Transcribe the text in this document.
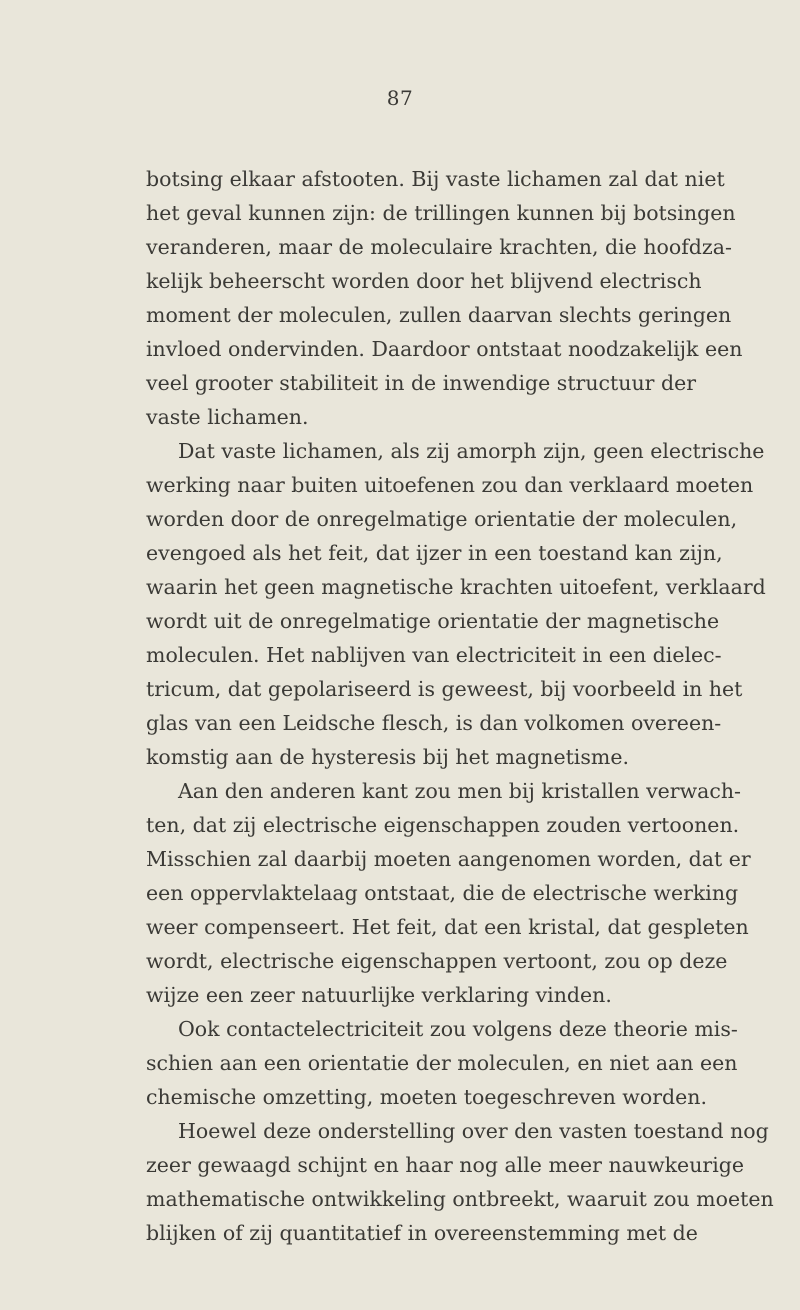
87
botsing elkaar afstooten. Bij vaste lichamen zal dat niet
het geval kunnen zijn: de trillingen kunnen bij botsingen
veranderen, maar de moleculaire krachten, die hoofdza-
kelijk beheerscht worden door het blijvend electrisch
moment der moleculen, zullen daarvan slechts geringen
invloed ondervinden. Daardoor ontstaat noodzakelijk een
veel grooter stabiliteit in de inwendige structuur der
vaste lichamen.
Dat vaste lichamen, als zij amorph zijn, geen electrische
werking naar buiten uitoefenen zou dan verklaard moeten
worden door de onregelmatige orientatie der moleculen,
evengoed als het feit, dat ijzer in een toestand kan zijn,
waarin het geen magnetische krachten uitoefent, verklaard
wordt uit de onregelmatige orientatie der magnetische
moleculen. Het nablijven van electriciteit in een dielec-
tricum, dat gepolariseerd is geweest, bij voorbeeld in het
glas van een Leidsche flesch, is dan volkomen overeen-
komstig aan de hysteresis bij het magnetisme.
Aan den anderen kant zou men bij kristallen verwach-
ten, dat zij electrische eigenschappen zouden vertoonen.
Misschien zal daarbij moeten aangenomen worden, dat er
een oppervlaktelaag ontstaat, die de electrische werking
weer compenseert. Het feit, dat een kristal, dat gespleten
wordt, electrische eigenschappen vertoont, zou op deze
wijze een zeer natuurlijke verklaring vinden.
Ook contactelectriciteit zou volgens deze theorie mis-
schien aan een orientatie der moleculen, en niet aan een
chemische omzetting, moeten toegeschreven worden.
Hoewel deze onderstelling over den vasten toestand nog
zeer gewaagd schijnt en haar nog alle meer nauwkeurige
mathematische ontwikkeling ontbreekt, waaruit zou moeten
blijken of zij quantitatief in overeenstemming met de
